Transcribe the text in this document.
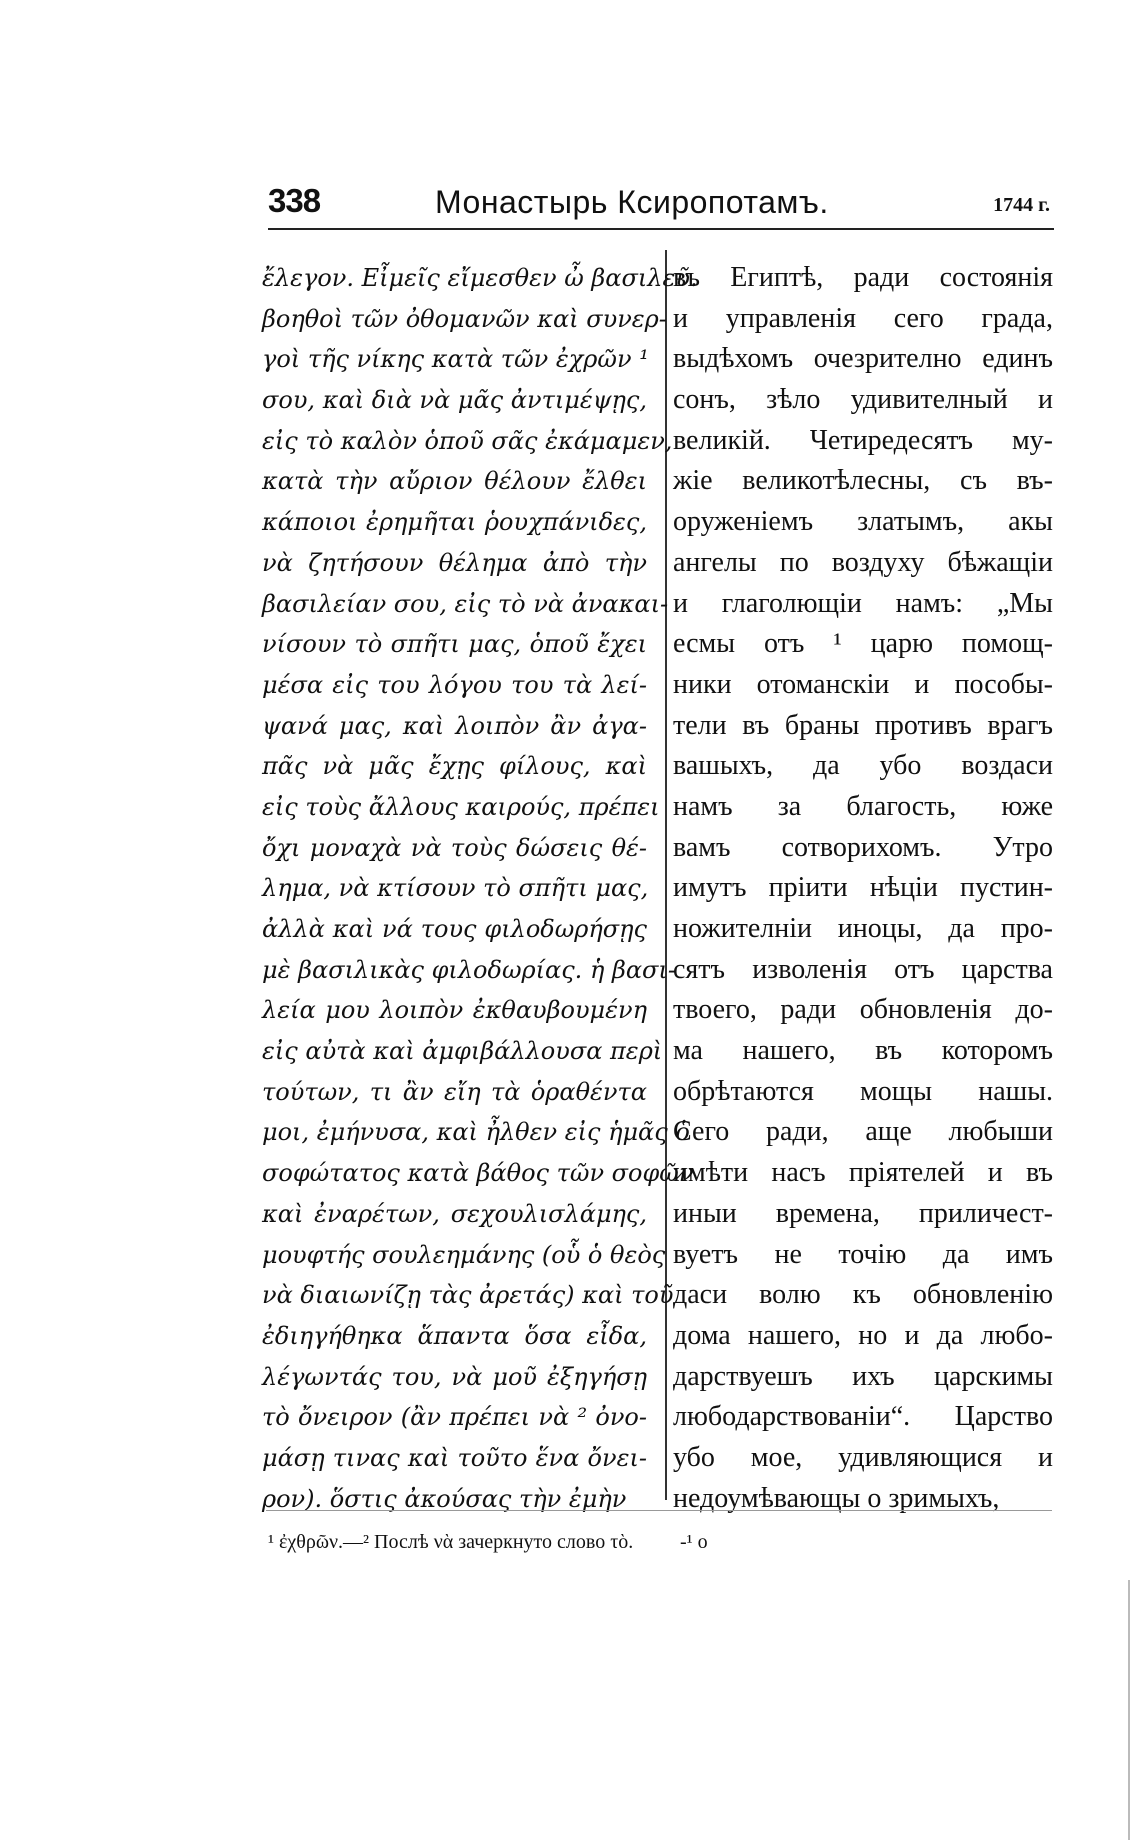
338	Монастырь Ксиропотамъ.	1744 г.
ἔλεγον. Εἶμεῖς εἴμεσθεν ὦ βασιλεῦ.
βοηθοὶ τῶν ὀθομανῶν καὶ συνερ-
γοὶ τῆς νίκης κατὰ τῶν ἐχρῶν ¹
σου, καὶ διὰ νὰ μᾶς ἀντιμέψῃς,
εἰς τὸ καλὸν ὁποῦ σᾶς ἐκάμαμεν,
κατὰ τὴν αὔριον θέλουν ἔλθει
κάποιοι ἐρημῆται ῥουχπάνιδες,
νὰ ζητήσουν θέλημα ἀπὸ τὴν
βασιλείαν σου, εἰς τὸ νὰ ἀνακαι-
νίσουν τὸ σπῆτι μας, ὁποῦ ἔχει
μέσα εἰς του λόγου του τὰ λεί-
ψανά μας, καὶ λοιπὸν ἂν ἀγα-
πᾶς νὰ μᾶς ἔχῃς φίλους, καὶ
εἰς τοὺς ἄλλους καιρούς, πρέπει
ὄχι μοναχὰ νὰ τοὺς δώσεις θέ-
λημα, νὰ κτίσουν τὸ σπῆτι μας,
ἀλλὰ καὶ νά τους φιλοδωρήσῃς
μὲ βασιλικὰς φιλοδωρίας. ἡ βασι-
λεία μου λοιπὸν ἐκθαυβουμένη
εἰς αὐτὰ καὶ ἀμφιβάλλουσα περὶ
τούτων, τι ἂν εἴη τὰ ὁραθέντα
μοι, ἐμήνυσα, καὶ ἦλθεν εἰς ἡμᾶς ὁ
σοφώτατος κατὰ βάθος τῶν σοφῶν
καὶ ἐναρέτων, σεχουλισλάμης,
μουφτής σουλεημάνης (οὗ ὁ θεὸς
νὰ διαιωνίζῃ τὰς ἀρετάς) καὶ τοῦ
ἐδιηγήθηκα ἅπαντα ὅσα εἶδα,
λέγωντάς του, νὰ μοῦ ἐξηγήσῃ
τὸ ὄνειρον (ἂν πρέπει νὰ ² ὀνο-
μάσῃ τινας καὶ τοῦτο ἕνα ὄνει-
ρον). ὅστις ἀκούσας τὴν ἐμὴν
въ Египтѣ, ради состоянія
и управленія сего града,
выдѣхомъ очезрително единъ
сонъ, зѣло удивителный и
великій. Четиредесятъ му-
жіе великотѣлесны, съ въ-
оруженіемъ златымъ, акы
ангелы по воздуху бѣжащіи
и глаголющіи намъ: „Мы
есмы отъ ¹ царю помощ-
ники отоманскіи и пособы-
тели въ браны противъ врагъ
вашыхъ, да убо воздаси
намъ за благость, юже
вамъ сотворихомъ. Утро
имутъ пріити нѣціи пустин-
ножителніи иноцы, да про-
сятъ изволенія отъ царства
твоего, ради обновленія до-
ма нашего, въ которомъ
обрѣтаются мощы нашы.
Сего ради, аще любыши
имѣти насъ пріятелей и въ
иныи времена, приличест-
вуетъ не точію да имъ
даси волю къ обновленію
дома нашего, но и да любо-
дарствуешъ ихъ царскимы
любодарствованіи“. Царство
убо мое, удивляющися и
недоумѣвающы о зримыхъ,
¹ ἐχθρῶν.—² Послѣ νὰ зачеркнуто слово τὸ.	-¹ о
